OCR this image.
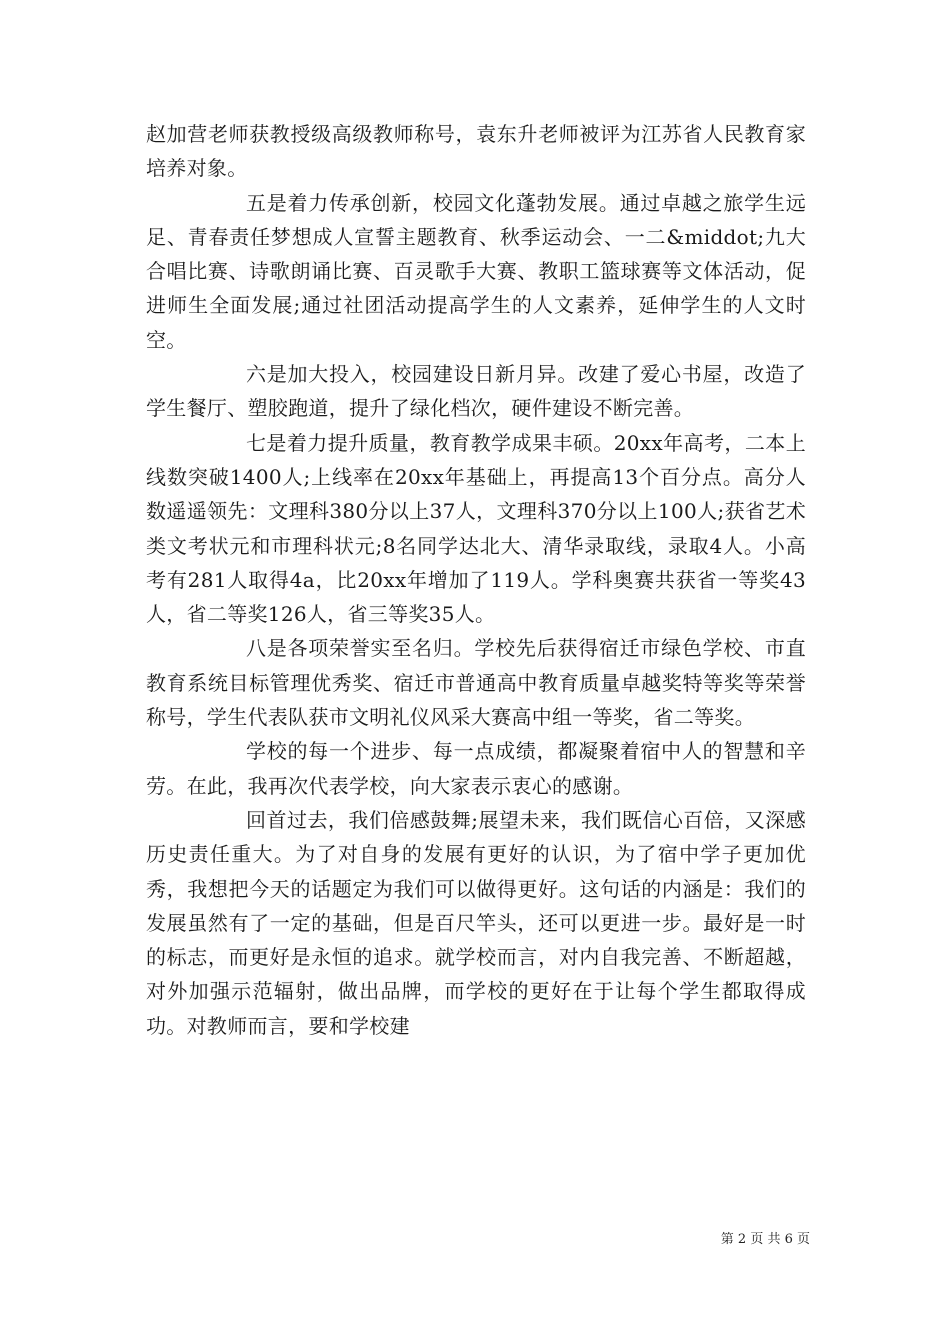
赵加营老师获教授级高级教师称号，袁东升老师被评为江苏省人民教育家培养对象。

五是着力传承创新，校园文化蓬勃发展。通过卓越之旅学生远足、青春责任梦想成人宣誓主题教育、秋季运动会、一二&middot;九大合唱比赛、诗歌朗诵比赛、百灵歌手大赛、教职工篮球赛等文体活动，促进师生全面发展;通过社团活动提高学生的人文素养，延伸学生的人文时空。

六是加大投入，校园建设日新月异。改建了爱心书屋，改造了学生餐厅、塑胶跑道，提升了绿化档次，硬件建设不断完善。

七是着力提升质量，教育教学成果丰硕。20xx年高考，二本上线数突破1400人;上线率在20xx年基础上，再提高13个百分点。高分人数遥遥领先：文理科380分以上37人，文理科370分以上100人;获省艺术类文考状元和市理科状元;8名同学达北大、清华录取线，录取4人。小高考有281人取得4a，比20xx年增加了119人。学科奥赛共获省一等奖43人，省二等奖126人，省三等奖35人。

八是各项荣誉实至名归。学校先后获得宿迁市绿色学校、市直教育系统目标管理优秀奖、宿迁市普通高中教育质量卓越奖特等奖等荣誉称号，学生代表队获市文明礼仪风采大赛高中组一等奖，省二等奖。

学校的每一个进步、每一点成绩，都凝聚着宿中人的智慧和辛劳。在此，我再次代表学校，向大家表示衷心的感谢。

回首过去，我们倍感鼓舞;展望未来，我们既信心百倍，又深感历史责任重大。为了对自身的发展有更好的认识，为了宿中学子更加优秀，我想把今天的话题定为我们可以做得更好。这句话的内涵是：我们的发展虽然有了一定的基础，但是百尺竿头，还可以更进一步。最好是一时的标志，而更好是永恒的追求。就学校而言，对内自我完善、不断超越，对外加强示范辐射，做出品牌，而学校的更好在于让每个学生都取得成功。对教师而言，要和学校建

第 2 页 共 6 页
